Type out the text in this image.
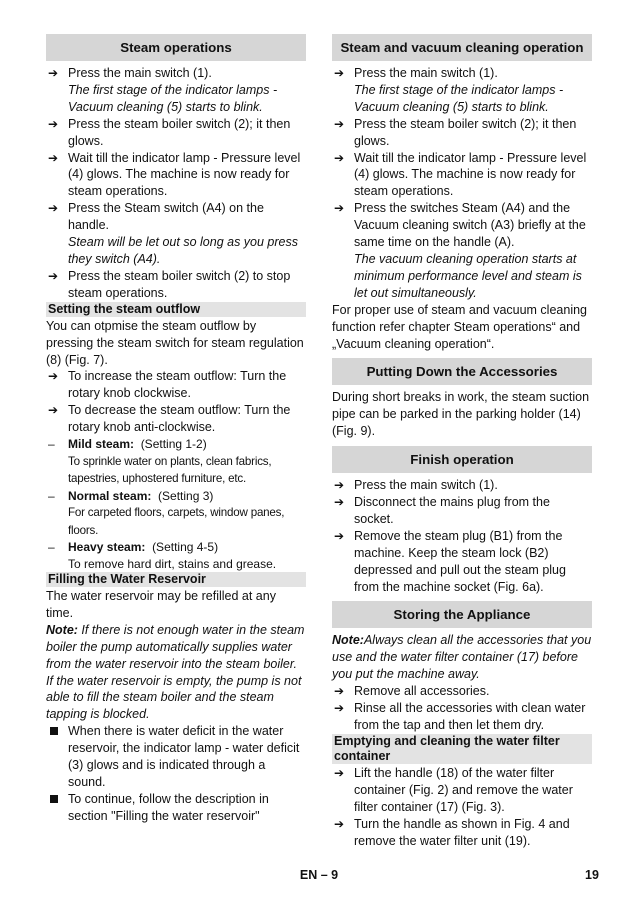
Steam operations
➔ Press the main switch (1).
The first stage of the indicator lamps - Vacuum cleaning (5) starts to blink.
➔ Press the steam boiler switch (2); it then glows.
➔ Wait till the indicator lamp - Pressure level (4) glows. The machine is now ready for steam operations.
➔ Press the Steam switch (A4) on the handle.
Steam will be let out so long as you press they switch (A4).
➔ Press the steam boiler switch (2) to stop steam operations.
Setting the steam outflow

You can otpmise the steam outflow by pressing the steam switch for steam regulation (8) (Fig. 7).

➔ To increase the steam outflow: Turn the rotary knob clockwise.
➔ To decrease the steam outflow: Turn the rotary knob anti-clockwise.
– Mild steam: (Setting 1-2)
To sprinkle water on plants, clean fabrics, tapestries, uphostered furniture, etc.
– Normal steam: (Setting 3)
For carpeted floors, carpets, window panes, floors.
– Heavy steam: (Setting 4-5)
To remove hard dirt, stains and grease.
Filling the Water Reservoir

The water reservoir may be refilled at any time.

Note: If there is not enough water in the steam boiler the pump automatically supplies water from the water reservoir into the steam boiler. If the water reservoir is empty, the pump is not able to fill the steam boiler and the steam tapping is blocked.

When there is water deficit in the water reservoir, the indicator lamp - water deficit (3) glows and is indicated through a sound.
To continue, follow the description in section "Filling the water reservoir"
Steam and vacuum cleaning operation
➔ Press the main switch (1).
The first stage of the indicator lamps - Vacuum cleaning (5) starts to blink.
➔ Press the steam boiler switch (2); it then glows.
➔ Wait till the indicator lamp - Pressure level (4) glows. The machine is now ready for steam operations.
➔ Press the switches Steam (A4) and the Vacuum cleaning switch (A3) briefly at the same time on the handle (A).
The vacuum cleaning operation starts at minimum performance level and steam is let out simultaneously.

For proper use of steam and vacuum cleaning function refer chapter Steam operations“ and „Vacuum cleaning operation“.

Putting Down the Accessories

During short breaks in work, the steam suction pipe can be parked in the parking holder (14) (Fig. 9).

Finish operation
➔ Press the main switch (1).
➔ Disconnect the mains plug from the socket.
➔ Remove the steam plug (B1) from the machine. Keep the steam lock (B2) depressed and pull out the steam plug from the machine socket (Fig. 6a).
Storing the Appliance

Note:Always clean all the accessories that you use and the water filter container (17) before you put the machine away.

➔ Remove all accessories.
➔ Rinse all the accessories with clean water from the tap and then let them dry.
Emptying and cleaning the water filter container
➔ Lift the handle (18) of the water filter container (Fig. 2) and remove the water filter container (17) (Fig. 3).
➔ Turn the handle as shown in Fig. 4 and remove the water filter unit (19).
EN – 9	19
